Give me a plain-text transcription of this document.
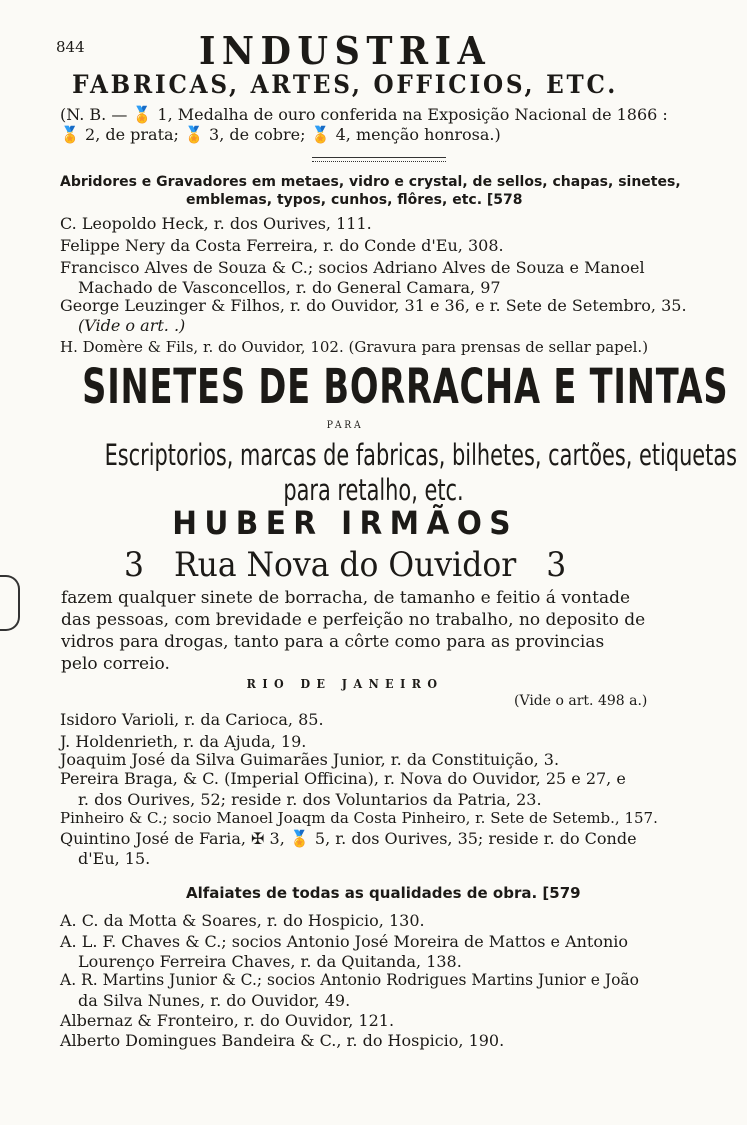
844	INDUSTRIA
FABRICAS, ARTES, OFFICIOS, ETC.
(N. B. — 🏅 1, Medalha de ouro conferida na Exposição Nacional de 1866 :
🏅 2, de prata; 🏅 3, de cobre; 🏅 4, menção honrosa.)
Abridores e Gravadores em metaes, vidro e crystal, de sellos, chapas, sinetes,
emblemas, typos, cunhos, flôres, etc. [578
C. Leopoldo Heck, r. dos Ourives, 111.
Felippe Nery da Costa Ferreira, r. do Conde d'Eu, 308.
Francisco Alves de Souza & C.; socios Adriano Alves de Souza e Manoel
Machado de Vasconcellos, r. do General Camara, 97
George Leuzinger & Filhos, r. do Ouvidor, 31 e 36, e r. Sete de Setembro, 35.
(Vide o art. .)
H. Domère & Fils, r. do Ouvidor, 102. (Gravura para prensas de sellar papel.)
SINETES DE BORRACHA E TINTAS
PARA
Escriptorios, marcas de fabricas, bilhetes, cartões, etiquetas
para retalho, etc.
HUBER IRMÃOS
3   Rua Nova do Ouvidor   3
fazem qualquer sinete de borracha, de tamanho e feitio á vontade
das pessoas, com brevidade e perfeição no trabalho, no deposito de
vidros para drogas, tanto para a côrte como para as provincias
pelo correio.
RIO DE JANEIRO
(Vide o art. 498 a.)
Isidoro Varioli, r. da Carioca, 85.
J. Holdenrieth, r. da Ajuda, 19.
Joaquim José da Silva Guimarães Junior, r. da Constituição, 3.
Pereira Braga, & C. (Imperial Officina), r. Nova do Ouvidor, 25 e 27, e
r. dos Ourives, 52; reside r. dos Voluntarios da Patria, 23.
Pinheiro & C.; socio Manoel Joaqm da Costa Pinheiro, r. Sete de Setemb., 157.
Quintino José de Faria, ✠ 3, 🏅 5, r. dos Ourives, 35; reside r. do Conde
d'Eu, 15.
Alfaiates de todas as qualidades de obra. [579
A. C. da Motta & Soares, r. do Hospicio, 130.
A. L. F. Chaves & C.; socios Antonio José Moreira de Mattos e Antonio
Lourenço Ferreira Chaves, r. da Quitanda, 138.
A. R. Martins Junior & C.; socios Antonio Rodrigues Martins Junior e João
da Silva Nunes, r. do Ouvidor, 49.
Albernaz & Fronteiro, r. do Ouvidor, 121.
Alberto Domingues Bandeira & C., r. do Hospicio, 190.
